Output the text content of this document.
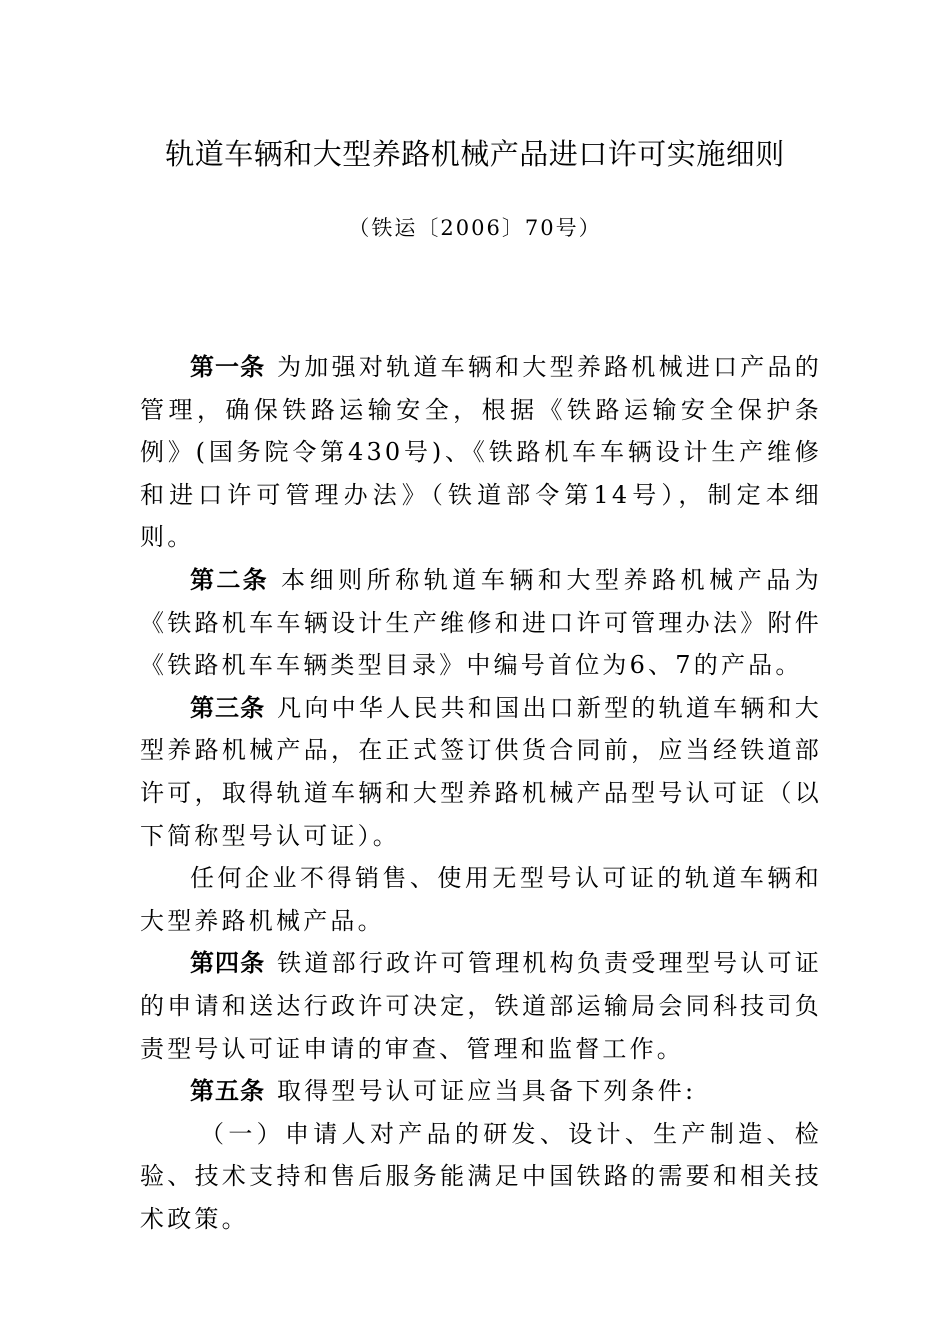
轨道车辆和大型养路机械产品进口许可实施细则
（铁运〔2006〕70号）

第一条 为加强对轨道车辆和大型养路机械进口产品的管理，确保铁路运输安全，根据《铁路运输安全保护条例》(国务院令第430号)、《铁路机车车辆设计生产维修和进口许可管理办法》（铁道部令第14号），制定本细则。

第二条 本细则所称轨道车辆和大型养路机械产品为《铁路机车车辆设计生产维修和进口许可管理办法》附件《铁路机车车辆类型目录》中编号首位为6、7的产品。

第三条 凡向中华人民共和国出口新型的轨道车辆和大型养路机械产品，在正式签订供货合同前，应当经铁道部许可，取得轨道车辆和大型养路机械产品型号认可证（以下简称型号认可证）。

任何企业不得销售、使用无型号认可证的轨道车辆和大型养路机械产品。

第四条 铁道部行政许可管理机构负责受理型号认可证的申请和送达行政许可决定，铁道部运输局会同科技司负责型号认可证申请的审查、管理和监督工作。

第五条 取得型号认可证应当具备下列条件:

（一）申请人对产品的研发、设计、生产制造、检验、技术支持和售后服务能满足中国铁路的需要和相关技术政策。
